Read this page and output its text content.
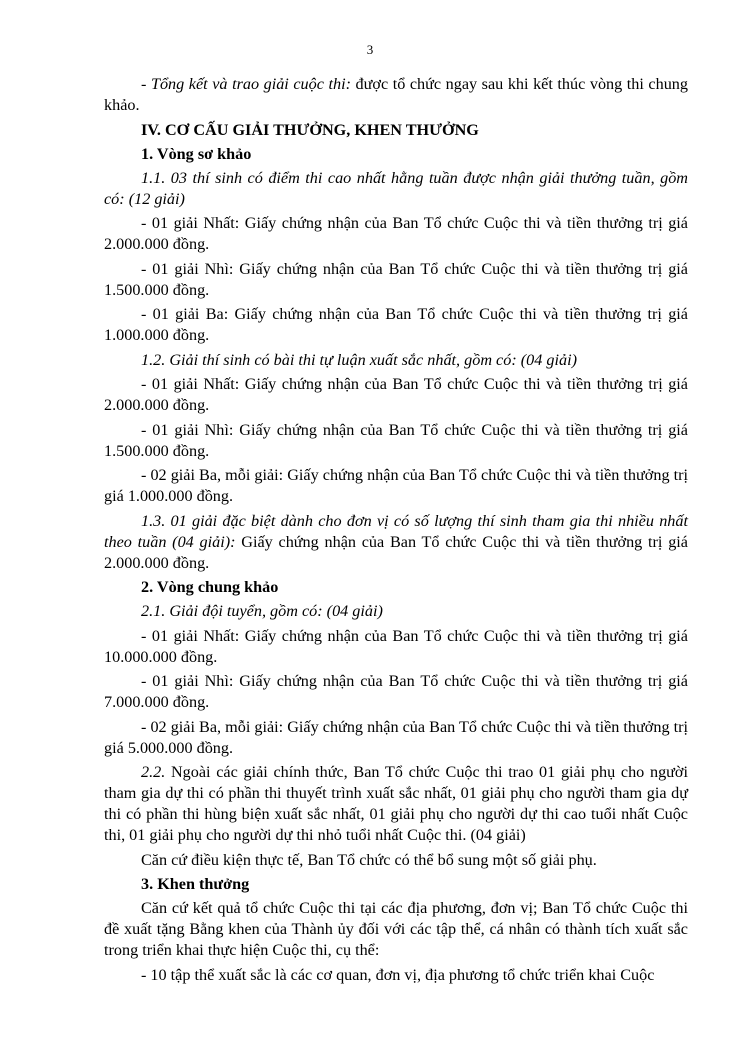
3

- Tổng kết và trao giải cuộc thi: được tổ chức ngay sau khi kết thúc vòng thi chung khảo.

IV. CƠ CẤU GIẢI THƯỞNG, KHEN THƯỞNG

1. Vòng sơ khảo

1.1. 03 thí sinh có điểm thi cao nhất hằng tuần được nhận giải thưởng tuần, gồm có: (12 giải)

- 01 giải Nhất: Giấy chứng nhận của Ban Tổ chức Cuộc thi và tiền thưởng trị giá 2.000.000 đồng.

- 01 giải Nhì: Giấy chứng nhận của Ban Tổ chức Cuộc thi và tiền thưởng trị giá 1.500.000 đồng.

- 01 giải Ba: Giấy chứng nhận của Ban Tổ chức Cuộc thi và tiền thưởng trị giá 1.000.000 đồng.

1.2. Giải thí sinh có bài thi tự luận xuất sắc nhất, gồm có: (04 giải)

- 01 giải Nhất: Giấy chứng nhận của Ban Tổ chức Cuộc thi và tiền thưởng trị giá 2.000.000 đồng.

- 01 giải Nhì: Giấy chứng nhận của Ban Tổ chức Cuộc thi và tiền thưởng trị giá 1.500.000 đồng.

- 02 giải Ba, mỗi giải: Giấy chứng nhận của Ban Tổ chức Cuộc thi và tiền thưởng trị giá 1.000.000 đồng.

1.3. 01 giải đặc biệt dành cho đơn vị có số lượng thí sinh tham gia thi nhiều nhất theo tuần (04 giải): Giấy chứng nhận của Ban Tổ chức Cuộc thi và tiền thưởng trị giá 2.000.000 đồng.

2. Vòng chung khảo

2.1. Giải đội tuyển, gồm có: (04 giải)

- 01 giải Nhất: Giấy chứng nhận của Ban Tổ chức Cuộc thi và tiền thưởng trị giá 10.000.000 đồng.

- 01 giải Nhì: Giấy chứng nhận của Ban Tổ chức Cuộc thi và tiền thưởng trị giá 7.000.000 đồng.

- 02 giải Ba, mỗi giải: Giấy chứng nhận của Ban Tổ chức Cuộc thi và tiền thưởng trị giá 5.000.000 đồng.

2.2. Ngoài các giải chính thức, Ban Tổ chức Cuộc thi trao 01 giải phụ cho người tham gia dự thi có phần thi thuyết trình xuất sắc nhất, 01 giải phụ cho người tham gia dự thi có phần thi hùng biện xuất sắc nhất, 01 giải phụ cho người dự thi cao tuổi nhất Cuộc thi, 01 giải phụ cho người dự thi nhỏ tuổi nhất Cuộc thi. (04 giải)

Căn cứ điều kiện thực tế, Ban Tổ chức có thể bổ sung một số giải phụ.

3. Khen thưởng

Căn cứ kết quả tổ chức Cuộc thi tại các địa phương, đơn vị; Ban Tổ chức Cuộc thi đề xuất tặng Bằng khen của Thành ủy đối với các tập thể, cá nhân có thành tích xuất sắc trong triển khai thực hiện Cuộc thi, cụ thể:

- 10 tập thể xuất sắc là các cơ quan, đơn vị, địa phương tổ chức triển khai Cuộc
